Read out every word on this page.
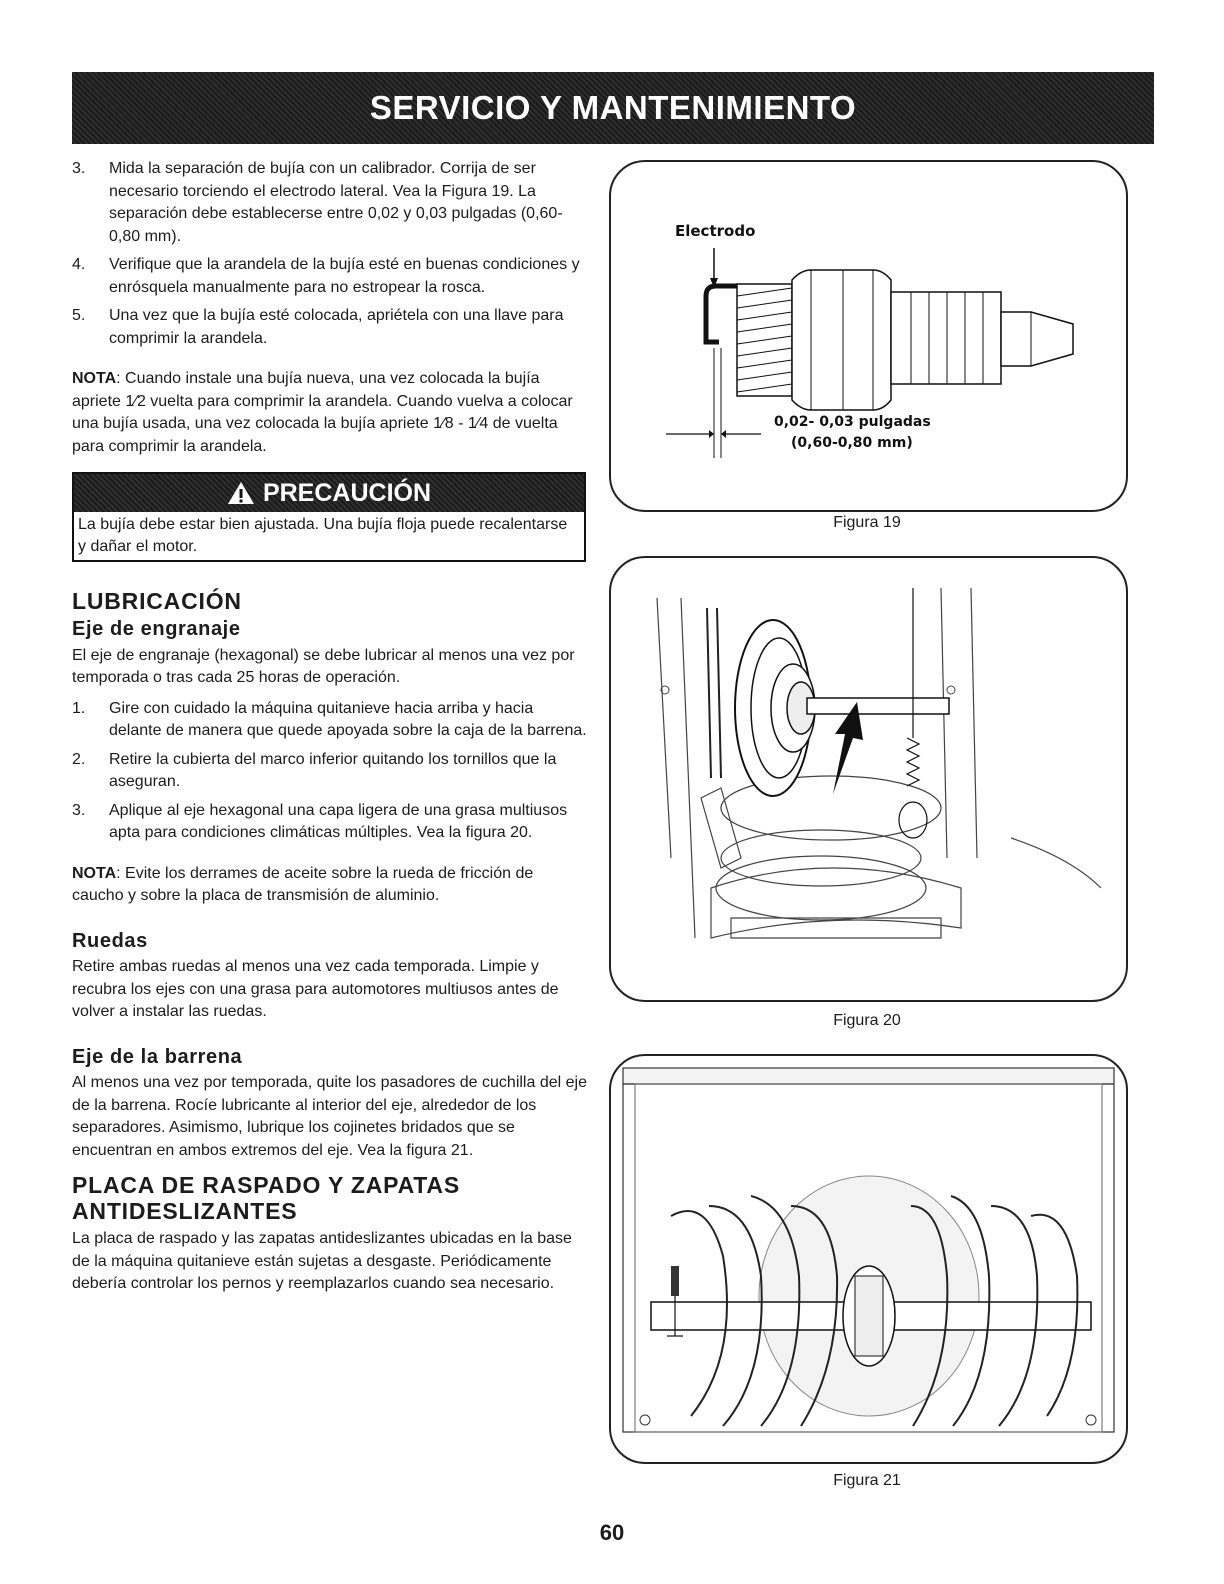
SERVICIO Y MANTENIMIENTO
3.	Mida la separación de bujía con un calibrador. Corrija de ser necesario torciendo el electrodo lateral. Vea la Figura 19. La separación debe establecerse entre 0,02 y 0,03 pulgadas (0,60-0,80 mm).
4.	Verifique que la arandela de la bujía esté en buenas condiciones y enrósquela manualmente para no estropear la rosca.
5.	Una vez que la bujía esté colocada, apriétela con una llave para comprimir la arandela.

NOTA: Cuando instale una bujía nueva, una vez colocada la bujía apriete 1⁄2 vuelta para comprimir la arandela. Cuando vuelva a colocar una bujía usada, una vez colocada la bujía apriete 1⁄8 - 1⁄4 de vuelta para comprimir la arandela.

PRECAUCIÓN
La bujía debe estar bien ajustada. Una bujía floja puede recalentarse y dañar el motor.
LUBRICACIÓN
Eje de engranaje

El eje de engranaje (hexagonal) se debe lubricar al menos una vez por temporada o tras cada 25 horas de operación.

1.	Gire con cuidado la máquina quitanieve hacia arriba y hacia delante de manera que quede apoyada sobre la caja de la barrena.
2.	Retire la cubierta del marco inferior quitando los tornillos que la aseguran.
3.	Aplique al eje hexagonal una capa ligera de una grasa multiusos apta para condiciones climáticas múltiples. Vea la figura 20.

NOTA: Evite los derrames de aceite sobre la rueda de fricción de caucho y sobre la placa de transmisión de aluminio.

Ruedas

Retire ambas ruedas al menos una vez cada temporada. Limpie y recubra los ejes con una grasa para automotores multiusos antes de volver a instalar las ruedas.

Eje de la barrena

Al menos una vez por temporada, quite los pasadores de cuchilla del eje de la barrena. Rocíe lubricante al interior del eje, alrededor de los separadores. Asimismo, lubrique los cojinetes bridados que se encuentran en ambos extremos del eje. Vea la figura 21.

PLACA DE RASPADO Y ZAPATAS ANTIDESLIZANTES

La placa de raspado y las zapatas antideslizantes ubicadas en la base de la máquina quitanieve están sujetas a desgaste. Periódicamente debería controlar los pernos y reemplazarlos cuando sea necesario.

Electrodo
0,02- 0,03 pulgadas
(0,60-0,80 mm)
Figura 19
Figura 20
Figura 21
60
